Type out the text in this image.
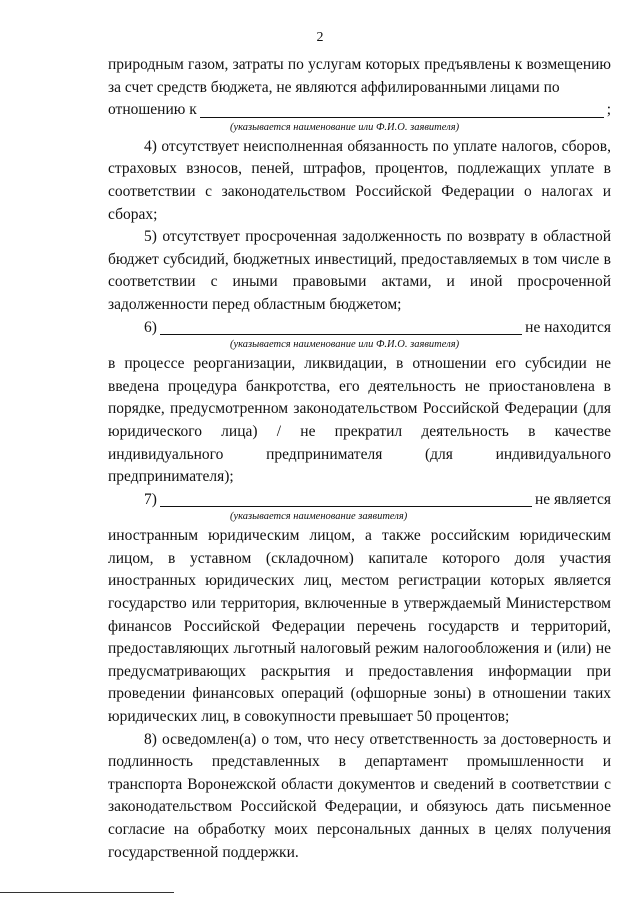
2

природным газом, затраты по услугам которых предъявлены к возмещению за счет средств бюджета, не являются аффилированными лицами по

отношению к	;
(указывается наименование или Ф.И.О. заявителя)

4) отсутствует неисполненная обязанность по уплате налогов, сборов, страховых взносов, пеней, штрафов, процентов, подлежащих уплате в соответствии с законодательством Российской Федерации о налогах и сборах;

5) отсутствует просроченная задолженность по возврату в областной бюджет субсидий, бюджетных инвестиций, предоставляемых в том числе в соответствии с иными правовыми актами, и иной просроченной задолженности перед областным бюджетом;

6)	не находится
(указывается наименование или Ф.И.О. заявителя)

в процессе реорганизации, ликвидации, в отношении его субсидии не введена процедура банкротства, его деятельность не приостановлена в порядке, предусмотренном законодательством Российской Федерации (для юридического лица) / не прекратил деятельность в качестве индивидуального предпринимателя (для индивидуального предпринимателя);

7)	не является
(указывается наименование заявителя)

иностранным юридическим лицом, а также российским юридическим лицом, в уставном (складочном) капитале которого доля участия иностранных юридических лиц, местом регистрации которых является государство или территория, включенные в утверждаемый Министерством финансов Российской Федерации перечень государств и территорий, предоставляющих льготный налоговый режим налогообложения и (или) не предусматривающих раскрытия и предоставления информации при проведении финансовых операций (офшорные зоны) в отношении таких юридических лиц, в совокупности превышает 50 процентов;

8) осведомлен(а) о том, что несу ответственность за достоверность и подлинность представленных в департамент промышленности и транспорта Воронежской области документов и сведений в соответствии с законодательством Российской Федерации, и обязуюсь дать письменное согласие на обработку моих персональных данных в целях получения государственной поддержки.
